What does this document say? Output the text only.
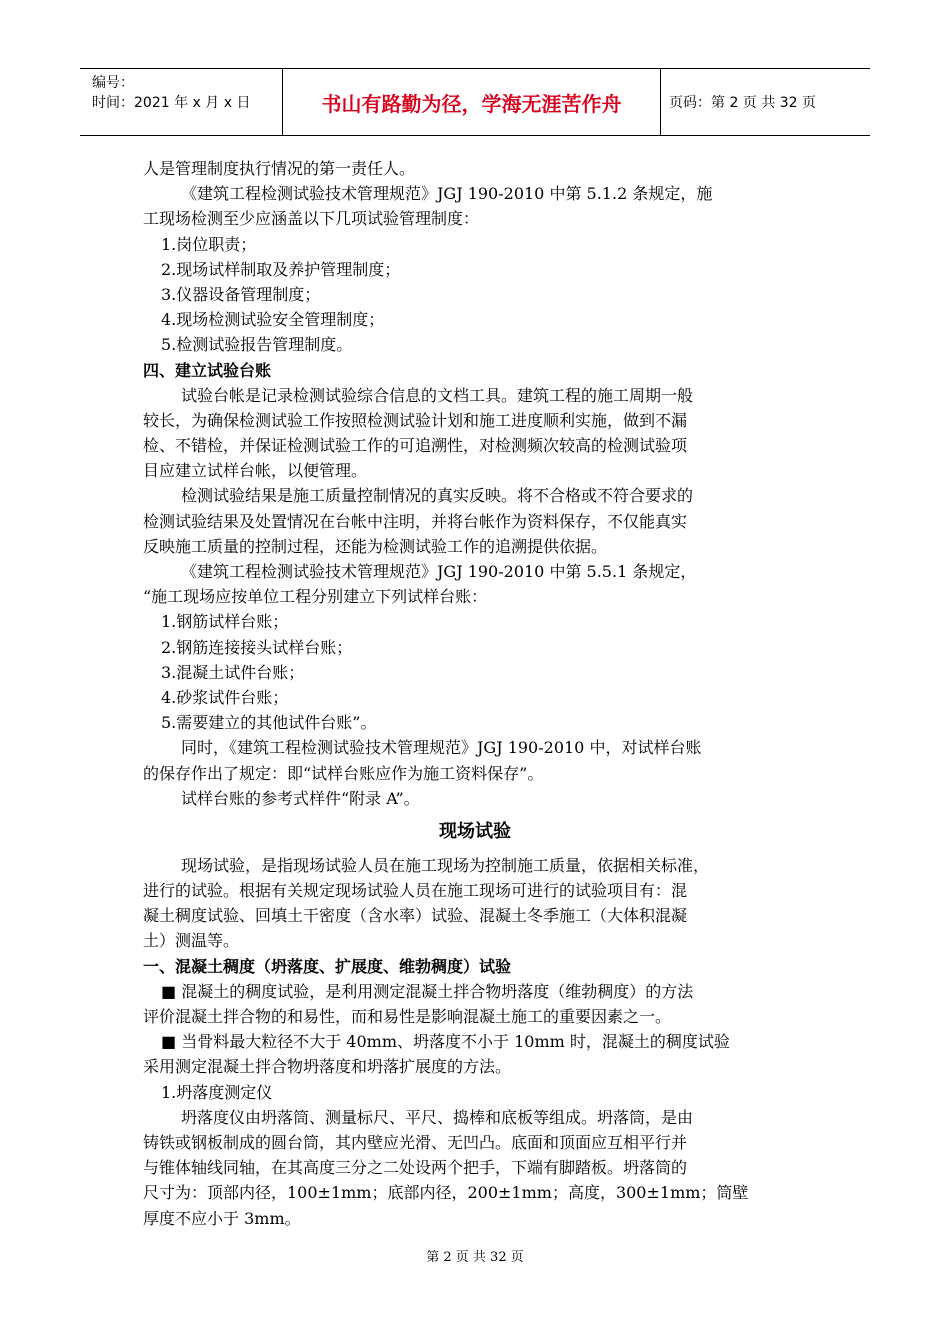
编号：
时间：2021 年 x 月 x 日	书山有路勤为径，学海无涯苦作舟	页码：第 2 页 共 32 页
人是管理制度执行情况的第一责任人。
《建筑工程检测试验技术管理规范》JGJ 190-2010 中第 5.1.2 条规定，施
工现场检测至少应涵盖以下几项试验管理制度：
1.岗位职责；
2.现场试样制取及养护管理制度；
3.仪器设备管理制度；
4.现场检测试验安全管理制度；
5.检测试验报告管理制度。
四、建立试验台账
试验台帐是记录检测试验综合信息的文档工具。建筑工程的施工周期一般
较长，为确保检测试验工作按照检测试验计划和施工进度顺利实施，做到不漏
检、不错检，并保证检测试验工作的可追溯性，对检测频次较高的检测试验项
目应建立试样台帐，以便管理。
检测试验结果是施工质量控制情况的真实反映。将不合格或不符合要求的
检测试验结果及处置情况在台帐中注明，并将台帐作为资料保存，不仅能真实
反映施工质量的控制过程，还能为检测试验工作的追溯提供依据。
《建筑工程检测试验技术管理规范》JGJ 190-2010 中第 5.5.1 条规定，
“施工现场应按单位工程分别建立下列试样台账：
1.钢筋试样台账；
2.钢筋连接接头试样台账；
3.混凝土试件台账；
4.砂浆试件台账；
5.需要建立的其他试件台账”。
同时，《建筑工程检测试验技术管理规范》JGJ 190-2010 中，对试样台账
的保存作出了规定：即“试样台账应作为施工资料保存”。
试样台账的参考式样件“附录 A”。
现场试验
现场试验，是指现场试验人员在施工现场为控制施工质量，依据相关标准，
进行的试验。根据有关规定现场试验人员在施工现场可进行的试验项目有：混
凝土稠度试验、回填土干密度（含水率）试验、混凝土冬季施工（大体积混凝
土）测温等。
一、混凝土稠度（坍落度、扩展度、维勃稠度）试验
■ 混凝土的稠度试验，是利用测定混凝土拌合物坍落度（维勃稠度）的方法
评价混凝土拌合物的和易性，而和易性是影响混凝土施工的重要因素之一。
■ 当骨料最大粒径不大于 40mm、坍落度不小于 10mm 时，混凝土的稠度试验
采用测定混凝土拌合物坍落度和坍落扩展度的方法。
1.坍落度测定仪
坍落度仪由坍落筒、测量标尺、平尺、捣棒和底板等组成。坍落筒，是由
铸铁或钢板制成的圆台筒，其内壁应光滑、无凹凸。底面和顶面应互相平行并
与锥体轴线同轴，在其高度三分之二处设两个把手，下端有脚踏板。坍落筒的
尺寸为：顶部内径，100±1mm；底部内径，200±1mm；高度，300±1mm；筒壁
厚度不应小于 3mm。
第 2 页 共 32 页
